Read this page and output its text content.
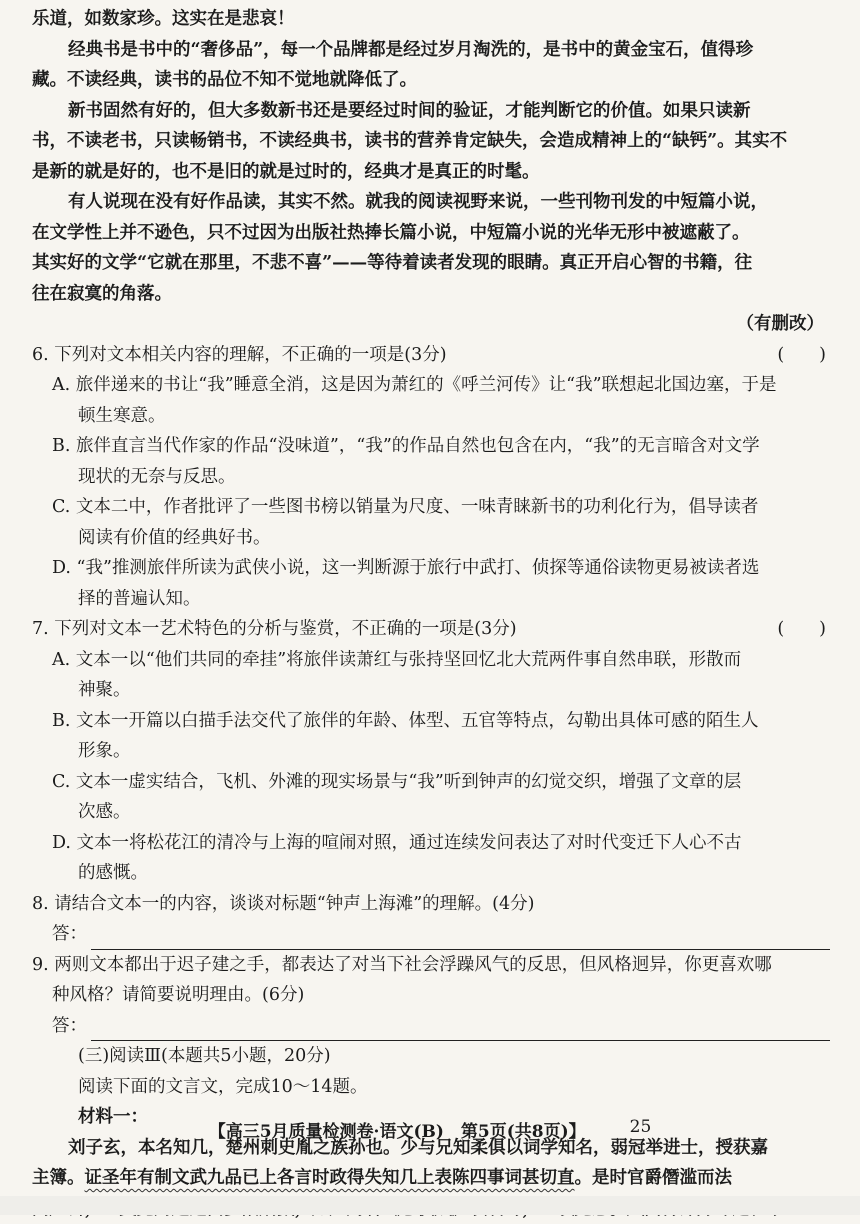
乐道，如数家珍。这实在是悲哀！
经典书是书中的“奢侈品”，每一个品牌都是经过岁月淘洗的，是书中的黄金宝石，值得珍
藏。不读经典，读书的品位不知不觉地就降低了。
新书固然有好的，但大多数新书还是要经过时间的验证，才能判断它的价值。如果只读新
书，不读老书，只读畅销书，不读经典书，读书的营养肯定缺失，会造成精神上的“缺钙”。其实不
是新的就是好的，也不是旧的就是过时的，经典才是真正的时髦。
有人说现在没有好作品读，其实不然。就我的阅读视野来说，一些刊物刊发的中短篇小说，
在文学性上并不逊色，只不过因为出版社热捧长篇小说，中短篇小说的光华无形中被遮蔽了。
其实好的文学“它就在那里，不悲不喜”——等待着读者发现的眼睛。真正开启心智的书籍，往
往在寂寞的角落。
（有删改）
6. 下列对文本相关内容的理解，不正确的一项是(3分)	(　　)
A. 旅伴递来的书让“我”睡意全消，这是因为萧红的《呼兰河传》让“我”联想起北国边塞，于是
顿生寒意。
B. 旅伴直言当代作家的作品“没味道”，“我”的作品自然也包含在内，“我”的无言暗含对文学
现状的无奈与反思。
C. 文本二中，作者批评了一些图书榜以销量为尺度、一味青睐新书的功利化行为，倡导读者
阅读有价值的经典好书。
D. “我”推测旅伴所读为武侠小说，这一判断源于旅行中武打、侦探等通俗读物更易被读者选
择的普遍认知。
7. 下列对文本一艺术特色的分析与鉴赏，不正确的一项是(3分)	(　　)
A. 文本一以“他们共同的牵挂”将旅伴读萧红与张持坚回忆北大荒两件事自然串联，形散而
神聚。
B. 文本一开篇以白描手法交代了旅伴的年龄、体型、五官等特点，勾勒出具体可感的陌生人
形象。
C. 文本一虚实结合，飞机、外滩的现实场景与“我”听到钟声的幻觉交织，增强了文章的层
次感。
D. 文本一将松花江的清冷与上海的喧闹对照，通过连续发问表达了对时代变迁下人心不古
的感慨。
8. 请结合文本一的内容，谈谈对标题“钟声上海滩”的理解。(4分)
答：
9. 两则文本都出于迟子建之手，都表达了对当下社会浮躁风气的反思，但风格迥异，你更喜欢哪
种风格？请简要说明理由。(6分)
答：
(三)阅读Ⅲ(本题共5小题，20分)
阅读下面的文言文，完成10～14题。
材料一：
刘子玄，本名知几，楚州刺史胤之族孙也。少与兄知柔俱以词学知名，弱冠举进士，授获嘉
主簿。证圣年有制文武九品已上各言时政得失知几上表陈四事词甚切直。是时官爵僭滥而法
【高三5月质量检测卷·语文(B)　第5页(共8页)】	25
